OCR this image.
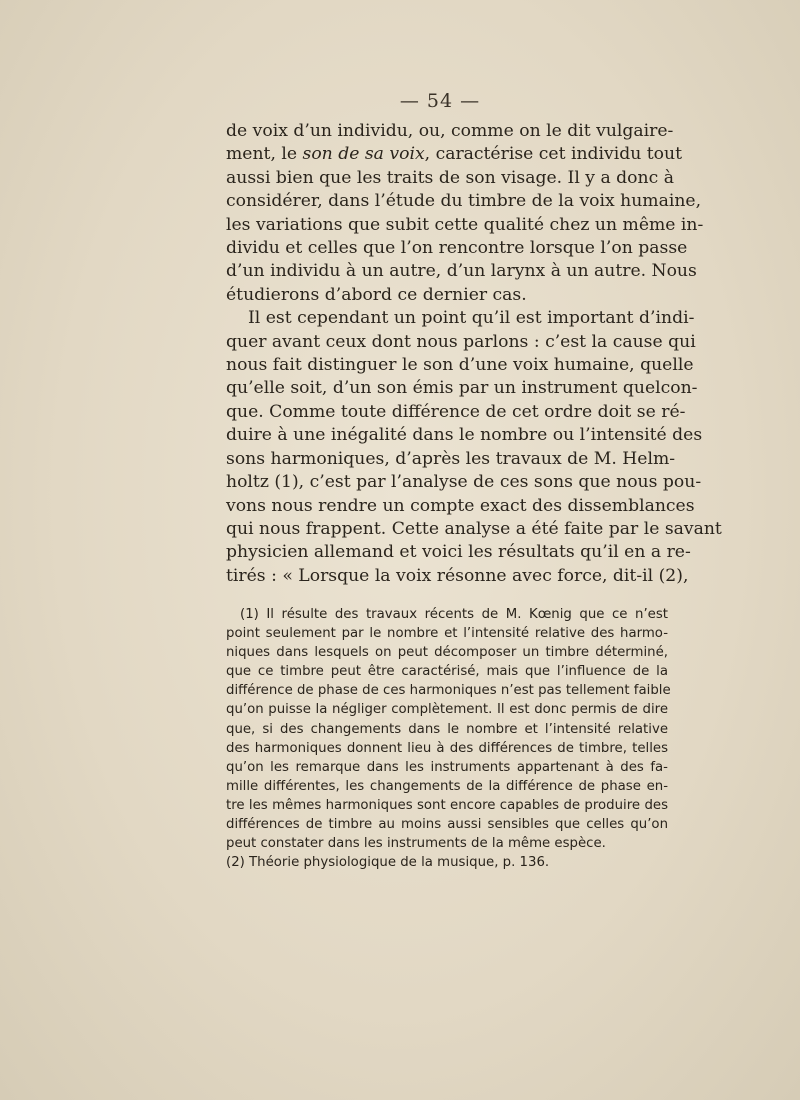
— 54 —
de voix d’un individu, ou, comme on le dit vulgaire-
ment, le son de sa voix, caractérise cet individu tout
aussi bien que les traits de son visage. Il y a donc à
considérer, dans l’étude du timbre de la voix humaine,
les variations que subit cette qualité chez un même in-
dividu et celles que l’on rencontre lorsque l’on passe
d’un individu à un autre, d’un larynx à un autre. Nous
étudierons d’abord ce dernier cas.
Il est cependant un point qu’il est important d’indi-
quer avant ceux dont nous parlons : c’est la cause qui
nous fait distinguer le son d’une voix humaine, quelle
qu’elle soit, d’un son émis par un instrument quelcon-
que. Comme toute différence de cet ordre doit se ré-
duire à une inégalité dans le nombre ou l’intensité des
sons harmoniques, d’après les travaux de M. Helm-
holtz (1), c’est par l’analyse de ces sons que nous pou-
vons nous rendre un compte exact des dissemblances
qui nous frappent. Cette analyse a été faite par le savant
physicien allemand et voici les résultats qu’il en a re-
tirés : « Lorsque la voix résonne avec force, dit-il (2),
(1) Il résulte des travaux récents de M. Kœnig que ce n’est
point seulement par le nombre et l’intensité relative des harmo-
niques dans lesquels on peut décomposer un timbre déterminé,
que ce timbre peut être caractérisé, mais que l’influence de la
différence de phase de ces harmoniques n’est pas tellement faible
qu’on puisse la négliger complètement. Il est donc permis de dire
que, si des changements dans le nombre et l’intensité relative
des harmoniques donnent lieu à des différences de timbre, telles
qu’on les remarque dans les instruments appartenant à des fa-
mille différentes, les changements de la différence de phase en-
tre les mêmes harmoniques sont encore capables de produire des
différences de timbre au moins aussi sensibles que celles qu’on
peut constater dans les instruments de la même espèce.
(2) Théorie physiologique de la musique, p. 136.
